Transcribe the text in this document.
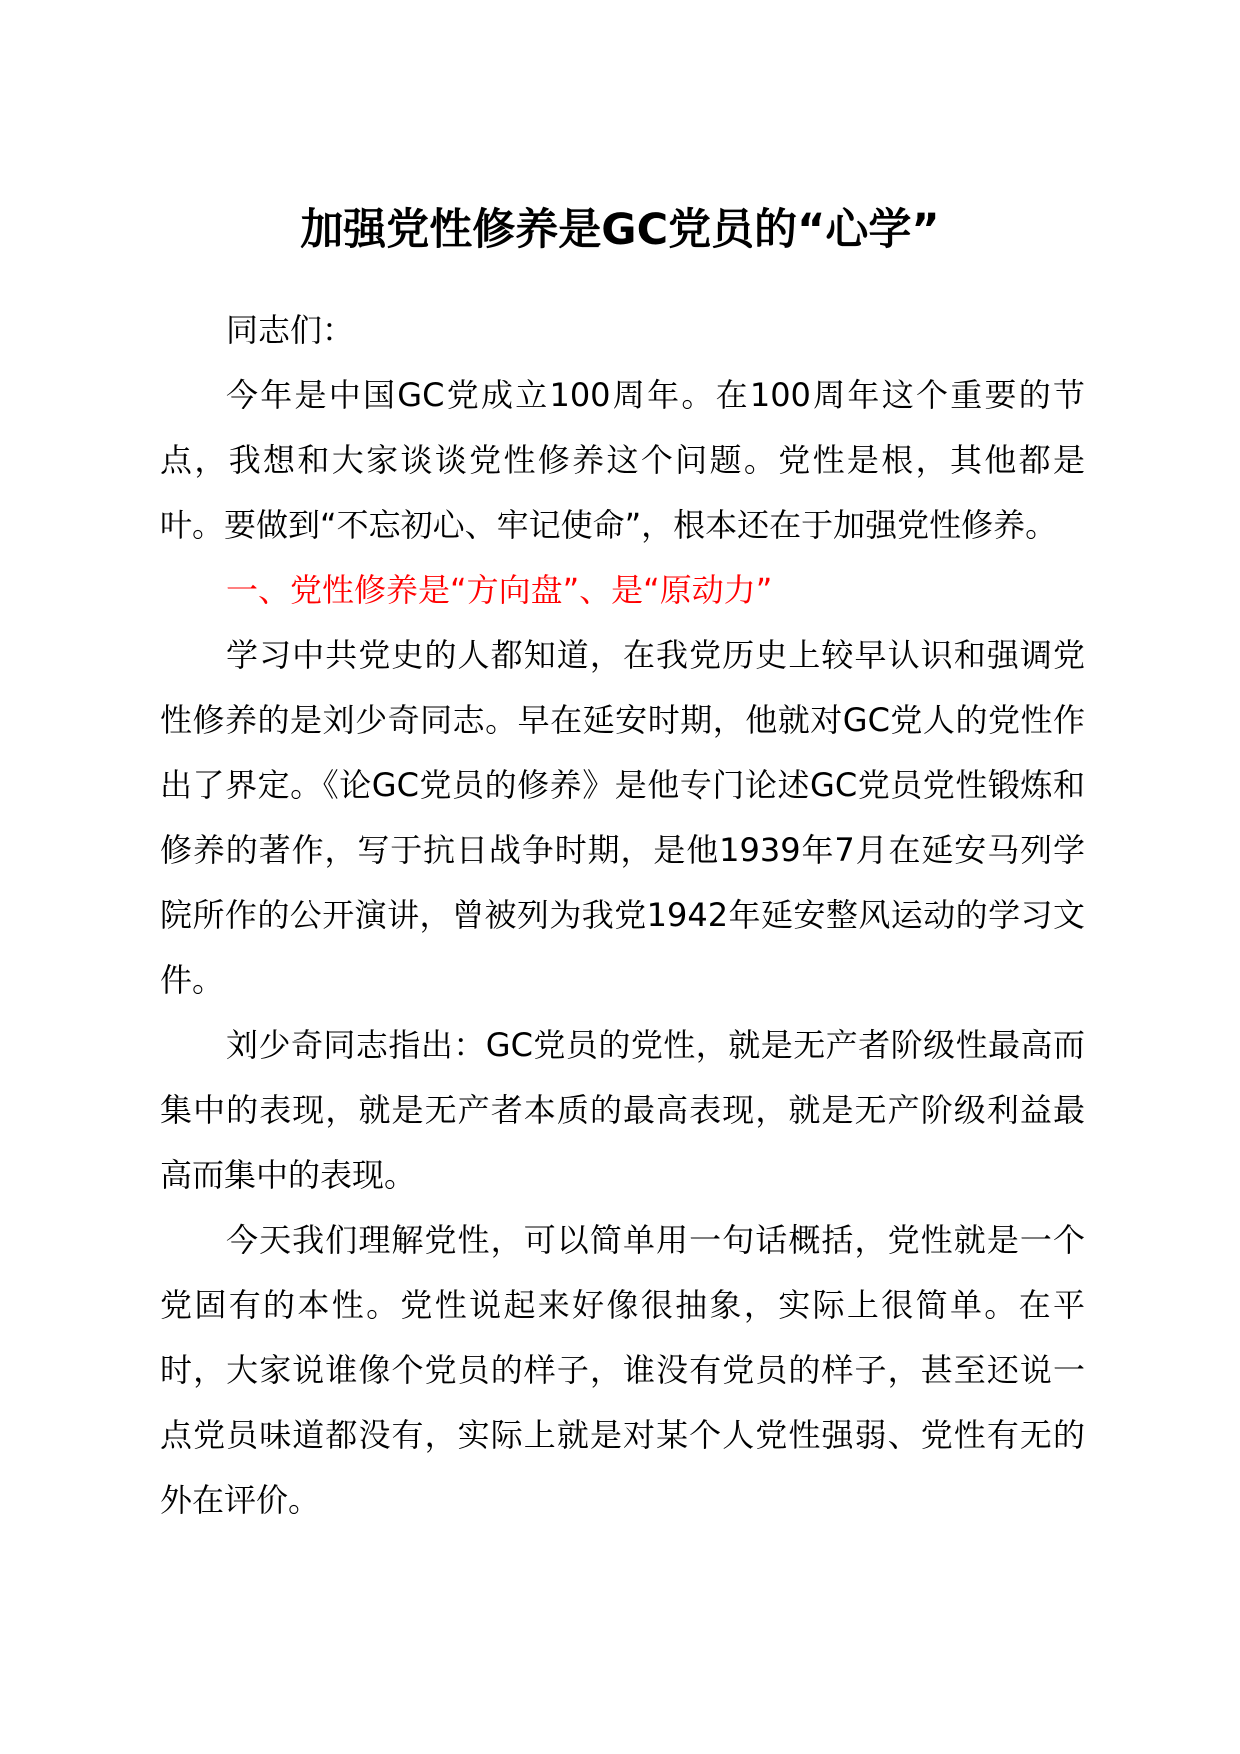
加强党性修养是GC党员的“心学”

同志们：

今年是中国GC党成立100周年。在100周年这个重要的节点，我想和大家谈谈党性修养这个问题。党性是根，其他都是叶。要做到“不忘初心、牢记使命”，根本还在于加强党性修养。

一、党性修养是“方向盘”、是“原动力”

学习中共党史的人都知道，在我党历史上较早认识和强调党性修养的是刘少奇同志。早在延安时期，他就对GC党人的党性作出了界定。《论GC党员的修养》是他专门论述GC党员党性锻炼和修养的著作，写于抗日战争时期，是他1939年7月在延安马列学院所作的公开演讲，曾被列为我党1942年延安整风运动的学习文件。

刘少奇同志指出：GC党员的党性，就是无产者阶级性最高而集中的表现，就是无产者本质的最高表现，就是无产阶级利益最高而集中的表现。

今天我们理解党性，可以简单用一句话概括，党性就是一个党固有的本性。党性说起来好像很抽象，实际上很简单。在平时，大家说谁像个党员的样子，谁没有党员的样子，甚至还说一点党员味道都没有，实际上就是对某个人党性强弱、党性有无的外在评价。
